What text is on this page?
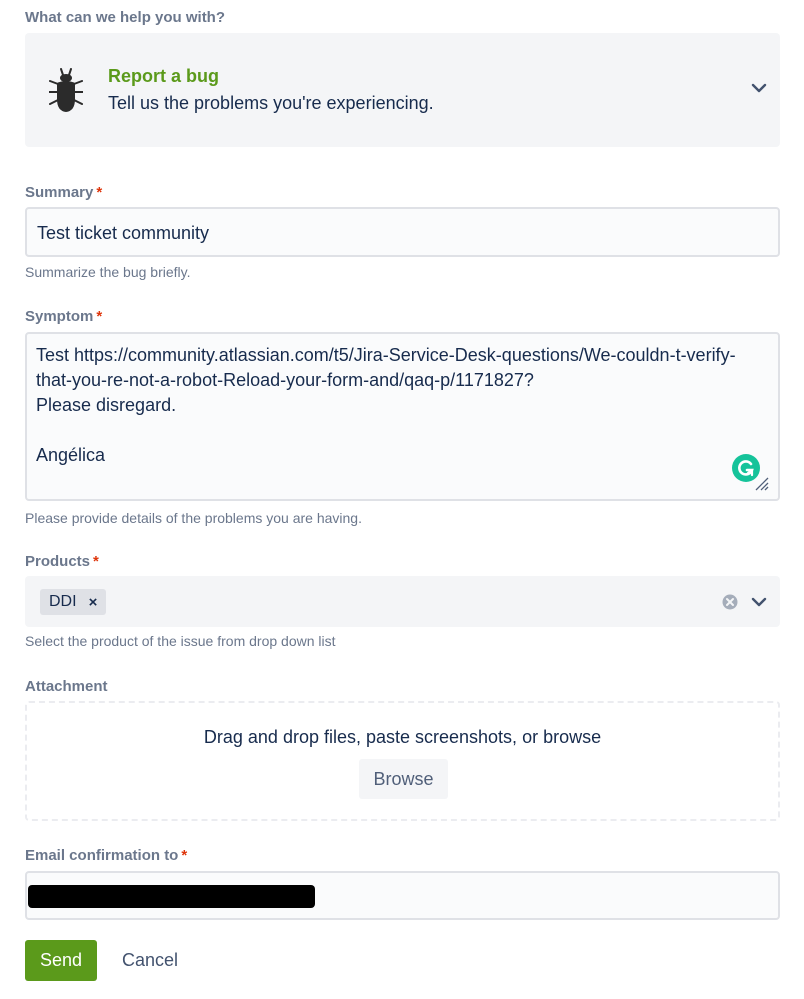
What can we help you with?
Report a bug
Tell us the problems you're experiencing.
Summary *
Test ticket community
Summarize the bug briefly.
Symptom *
Test https://community.atlassian.com/t5/Jira-Service-Desk-questions/We-couldn-t-verify-
that-you-re-not-a-robot-Reload-your-form-and/qaq-p/1171827?
Please disregard.
Angélica
Please provide details of the problems you are having.
Products *
DDI ×
Select the product of the issue from drop down list
Attachment
Drag and drop files, paste screenshots, or browse
Browse
Email confirmation to *
Send	Cancel
